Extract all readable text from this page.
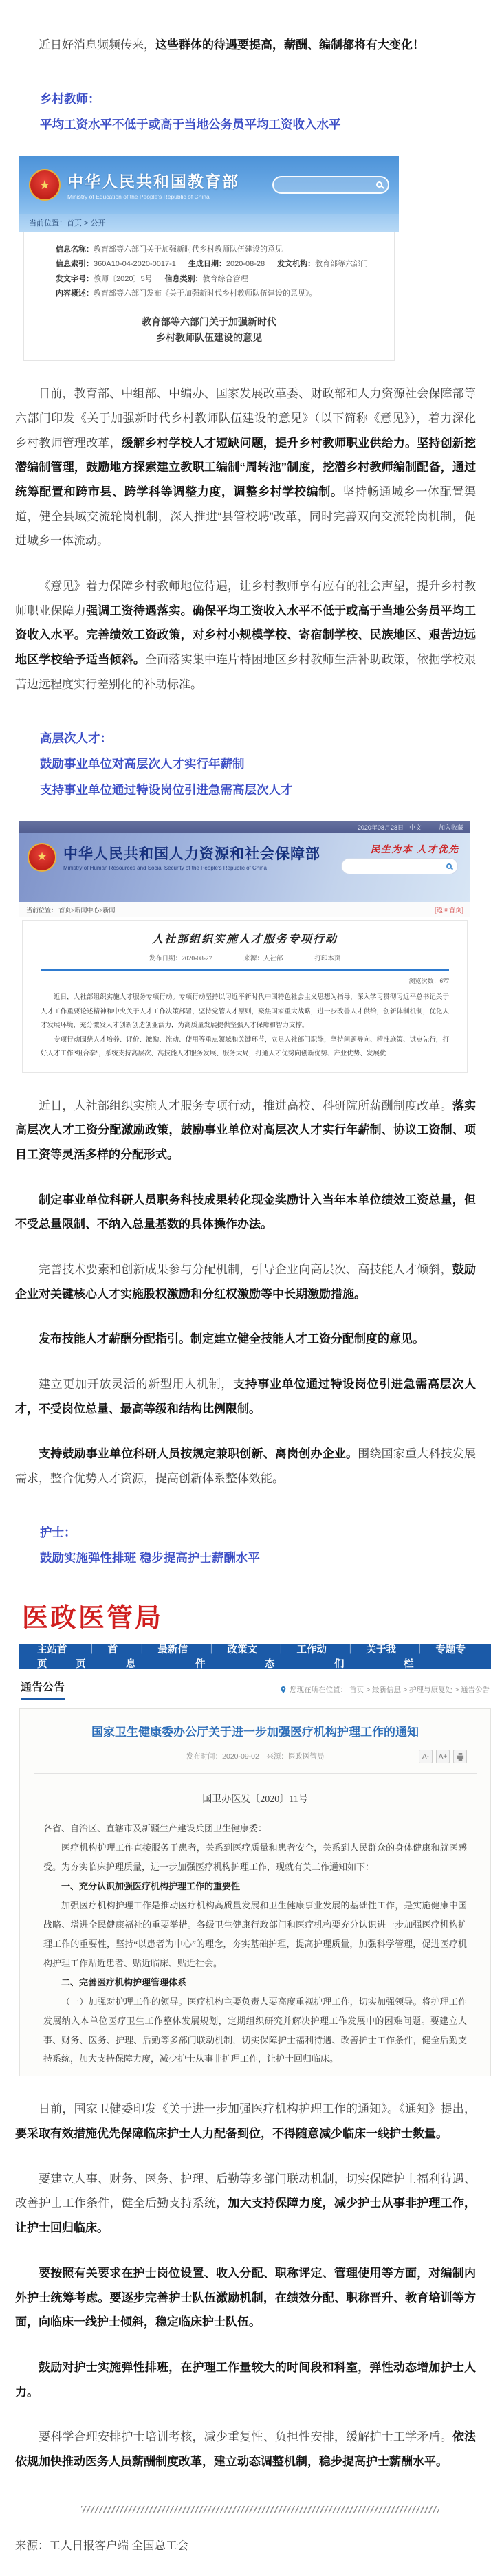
近日好消息频频传来，这些群体的待遇要提高，薪酬、编制都将有大变化！

乡村教师：

平均工资水平不低于或高于当地公务员平均工资收入水平

★ 中华人民共和国教育部
Ministry of Education of the People's Republic of China
当前位置：首页 > 公开
信息名称： 教育部等六部门关于加强新时代乡村教师队伍建设的意见
信息索引： 360A10-04-2020-0017-1 生成日期： 2020-08-28 发文机构： 教育部等六部门
发文字号： 教师〔2020〕5号 信息类别： 教育综合管理
内容概述： 教育部等六部门发布《关于加强新时代乡村教师队伍建设的意见》。
教育部等六部门关于加强新时代
乡村教师队伍建设的意见

日前，教育部、中组部、中编办、国家发展改革委、财政部和人力资源社会保障部等六部门印发《关于加强新时代乡村教师队伍建设的意见》（以下简称《意见》），着力深化乡村教师管理改革，缓解乡村学校人才短缺问题，提升乡村教师职业供给力。坚持创新挖潜编制管理，鼓励地方探索建立教职工编制“周转池”制度，挖潜乡村教师编制配备，通过统筹配置和跨市县、跨学科等调整力度，调整乡村学校编制。坚持畅通城乡一体配置渠道，健全县域交流轮岗机制，深入推进“县管校聘”改革，同时完善双向交流轮岗机制，促进城乡一体流动。

《意见》着力保障乡村教师地位待遇，让乡村教师享有应有的社会声望，提升乡村教师职业保障力强调工资待遇落实。确保平均工资收入水平不低于或高于当地公务员平均工资收入水平。完善绩效工资政策，对乡村小规模学校、寄宿制学校、民族地区、艰苦边远地区学校给予适当倾斜。全面落实集中连片特困地区乡村教师生活补助政策，依据学校艰苦边远程度实行差别化的补助标准。

高层次人才：

鼓励事业单位对高层次人才实行年薪制

支持事业单位通过特设岗位引进急需高层次人才

2020年08月28日 中文 ｜ 加入收藏
★ 中华人民共和国人力资源和社会保障部
Ministry of Human Resources and Social Security of the People's Republic of China
民生为本 人才优先
当前位置： 首页>新闻中心>新闻	[返回首页]
人社部组织实施人才服务专项行动
发布日期：2020-08-27	来源：人社部	打印本页
浏览次数：677

近日，人社部组织实施人才服务专项行动。专项行动坚持以习近平新时代中国特色社会主义思想为指导，深入学习贯彻习近平总书记关于人才工作重要论述精神和中央关于人才工作决策部署，坚持党管人才原则，聚焦国家重大战略，进一步改善人才供给，创新体制机制，优化人才发展环境，充分激发人才创新创造创业活力，为高质量发展提供坚强人才保障和智力支撑。

专项行动围绕人才培养、评价、激励、流动、使用等重点领域和关键环节，立足人社部门职能，坚持问题导向、精准施策、试点先行，打好人才工作“组合拳”，系统支持高层次、高技能人才服务发展、服务大局，打通人才优势向创新优势、产业优势、发展优

近日，人社部组织实施人才服务专项行动，推进高校、科研院所薪酬制度改革。落实高层次人才工资分配激励政策，鼓励事业单位对高层次人才实行年薪制、协议工资制、项目工资等灵活多样的分配形式。

制定事业单位科研人员职务科技成果转化现金奖励计入当年本单位绩效工资总量，但不受总量限制、不纳入总量基数的具体操作办法。

完善技术要素和创新成果参与分配机制，引导企业向高层次、高技能人才倾斜，鼓励企业对关键核心人才实施股权激励和分红权激励等中长期激励措施。

发布技能人才薪酬分配指引。制定建立健全技能人才工资分配制度的意见。

建立更加开放灵活的新型用人机制，支持事业单位通过特设岗位引进急需高层次人才，不受岗位总量、最高等级和结构比例限制。

支持鼓励事业单位科研人员按规定兼职创新、离岗创办企业。围绕国家重大科技发展需求，整合优势人才资源，提高创新体系整体效能。

护士：

鼓励实施弹性排班 稳步提高护士薪酬水平

医政医管局
主站首页
｜ 首页
｜ 最新信息
｜ 政策文件
｜ 工作动态
｜ 关于我们
｜ 专题专栏
通告公告	您现在所在位置： 首页 > 最新信息 > 护理与康复处 > 通告公告
国家卫生健康委办公厅关于进一步加强医疗机构护理工作的通知
发布时间：2020-09-02　来源：医政医管局	A-	A+
国卫办医发〔2020〕11号

各省、自治区、直辖市及新疆生产建设兵团卫生健康委：

医疗机构护理工作直接服务于患者，关系到医疗质量和患者安全，关系到人民群众的身体健康和就医感受。为夯实临床护理质量，进一步加强医疗机构护理工作，现就有关工作通知如下：

一、充分认识加强医疗机构护理工作的重要性

加强医疗机构护理工作是推动医疗机构高质量发展和卫生健康事业发展的基础性工作，是实施健康中国战略、增进全民健康福祉的重要举措。各级卫生健康行政部门和医疗机构要充分认识进一步加强医疗机构护理工作的重要性，坚持“以患者为中心”的理念，夯实基础护理，提高护理质量，加强科学管理，促进医疗机构护理工作贴近患者、贴近临床、贴近社会。

二、完善医疗机构护理管理体系

（一）加强对护理工作的领导。医疗机构主要负责人要高度重视护理工作，切实加强领导。将护理工作发展纳入本单位医疗卫生工作整体发展规划，定期组织研究并解决护理工作发展中的困难问题。要建立人事、财务、医务、护理、后勤等多部门联动机制，切实保障护士福利待遇、改善护士工作条件，健全后勤支持系统，加大支持保障力度，减少护士从事非护理工作，让护士回归临床。

日前，国家卫健委印发《关于进一步加强医疗机构护理工作的通知》。《通知》提出，要采取有效措施优先保障临床护士人力配备到位，不得随意减少临床一线护士数量。

要建立人事、财务、医务、护理、后勤等多部门联动机制，切实保障护士福利待遇、改善护士工作条件，健全后勤支持系统，加大支持保障力度，减少护士从事非护理工作，让护士回归临床。

要按照有关要求在护士岗位设置、收入分配、职称评定、管理使用等方面，对编制内外护士统筹考虑。要逐步完善护士队伍激励机制，在绩效分配、职称晋升、教育培训等方面，向临床一线护士倾斜，稳定临床护士队伍。

鼓励对护士实施弹性排班，在护理工作量较大的时间段和科室，弹性动态增加护士人力。

要科学合理安排护士培训考核，减少重复性、负担性安排，缓解护士工学矛盾。依法依规加快推动医务人员薪酬制度改革，建立动态调整机制，稳步提高护士薪酬水平。

来源：工人日报客户端 全国总工会
